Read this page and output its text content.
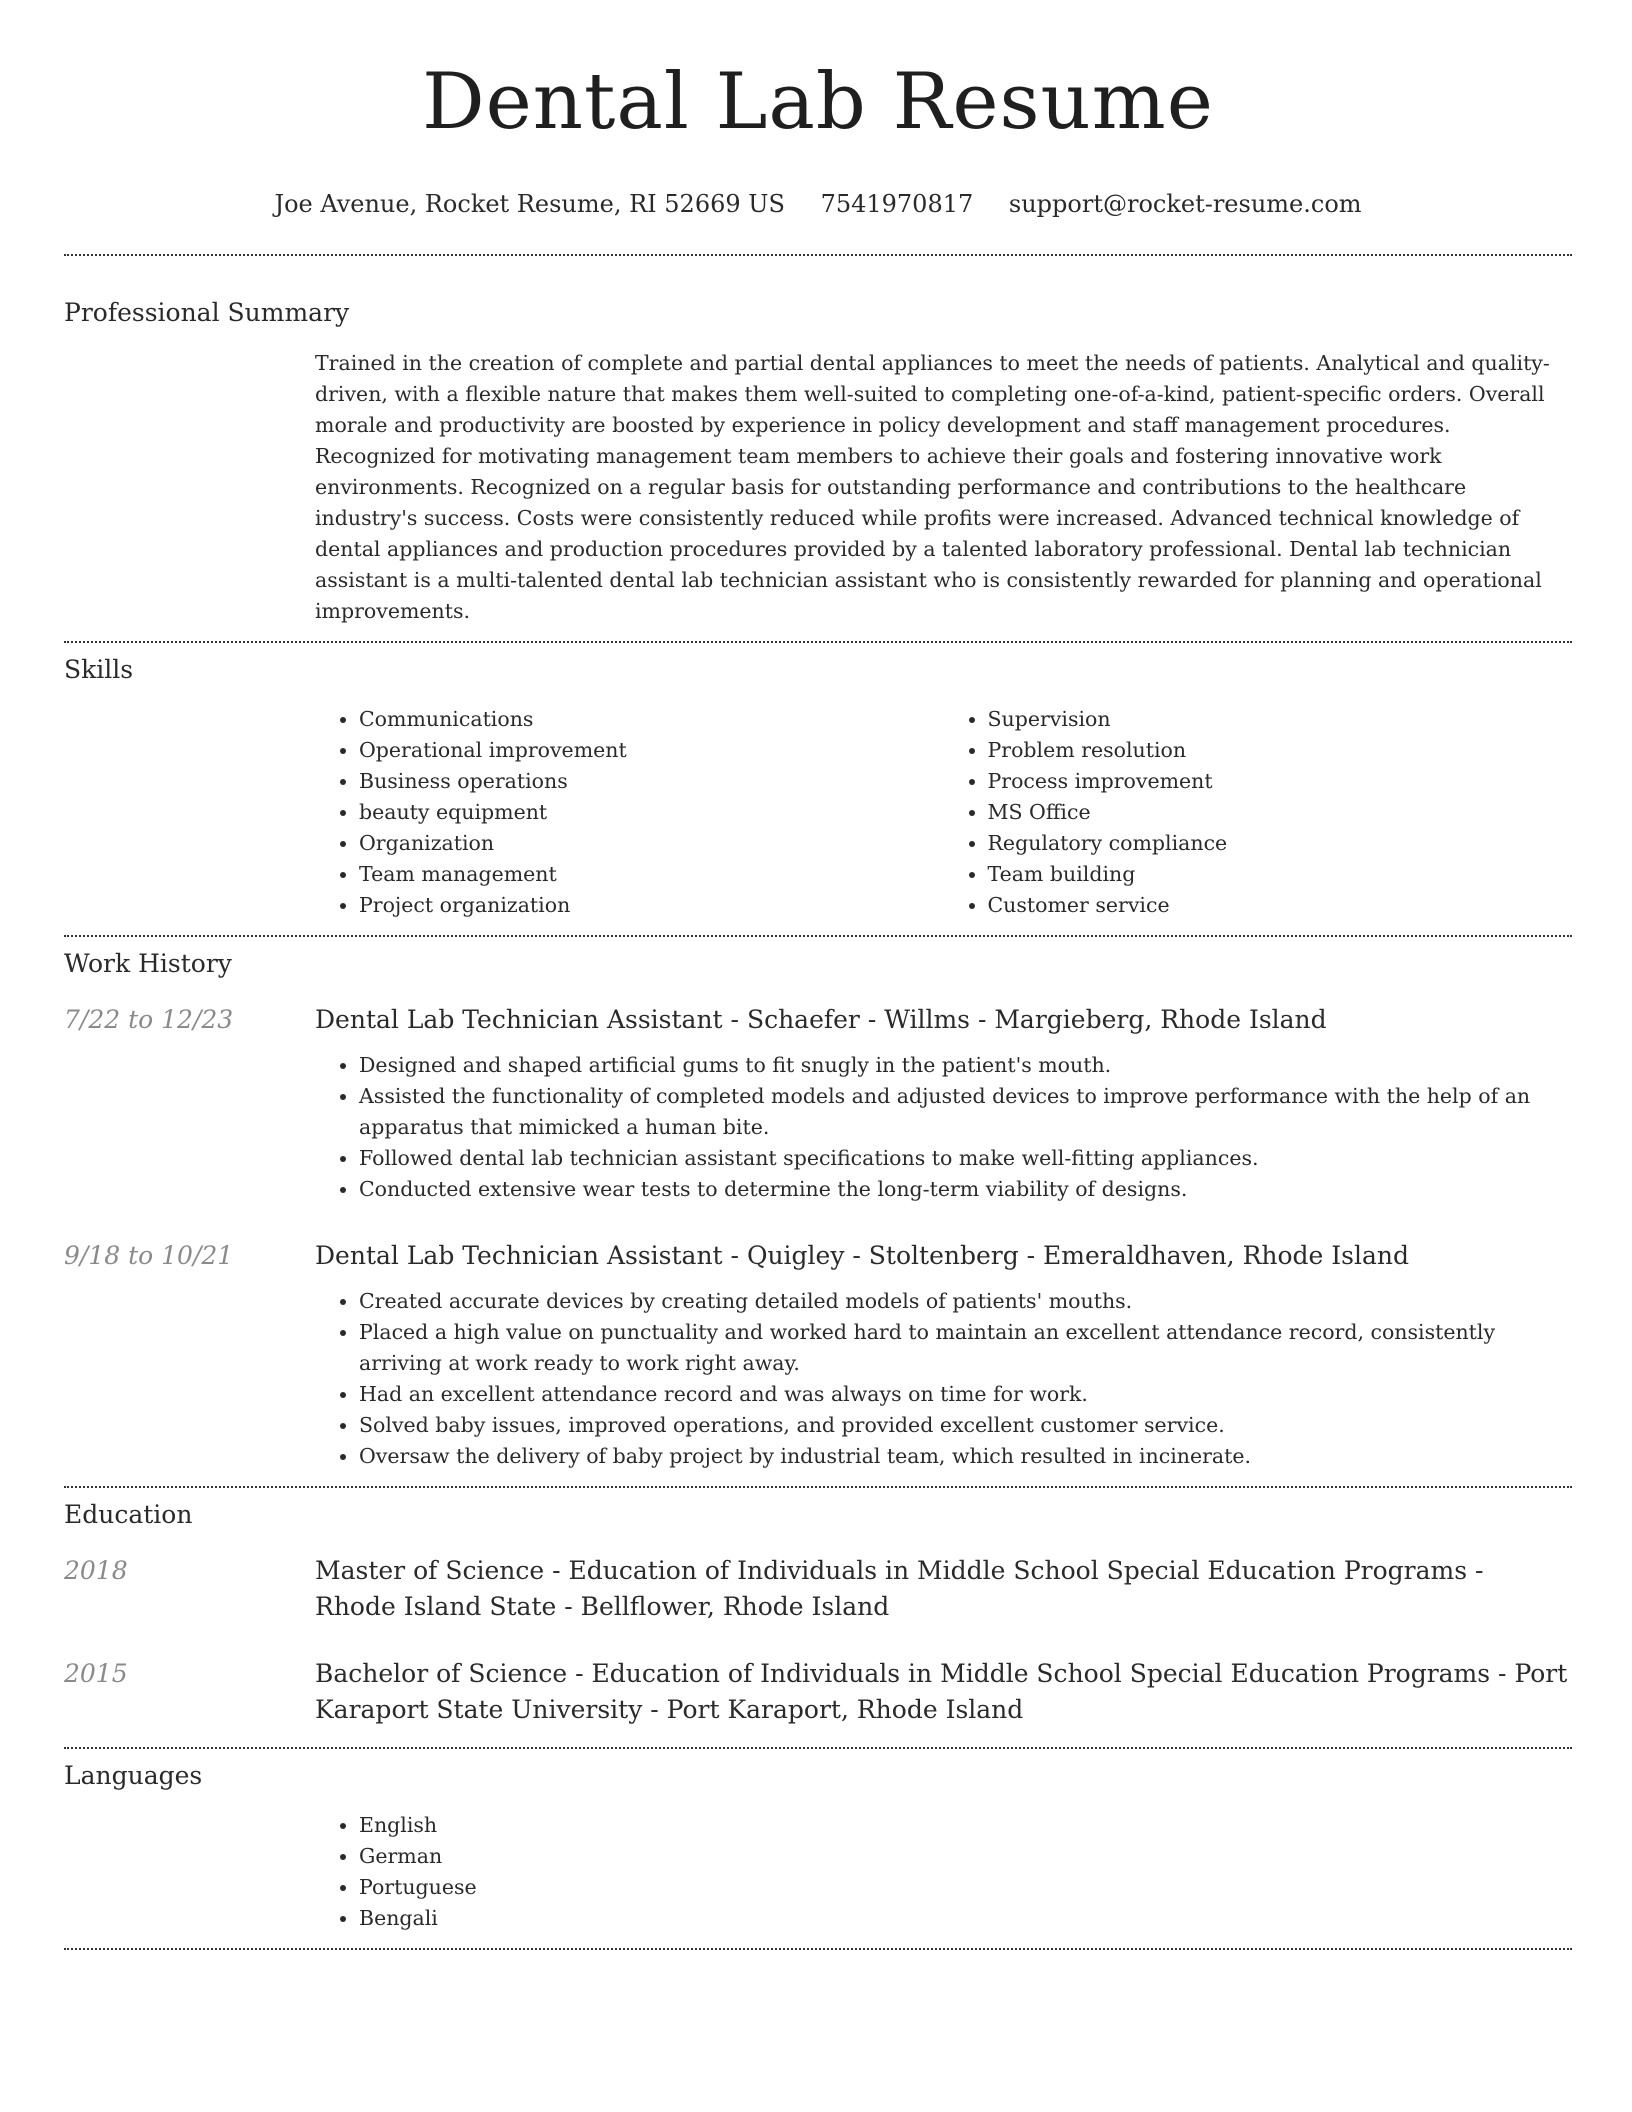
Dental Lab Resume
Joe Avenue, Rocket Resume, RI 52669 US 7541970817 support@rocket-resume.com
Professional Summary

Trained in the creation of complete and partial dental appliances to meet the needs of patients. Analytical and quality-driven, with a flexible nature that makes them well-suited to completing one-of-a-kind, patient-specific orders. Overall morale and productivity are boosted by experience in policy development and staff management procedures. Recognized for motivating management team members to achieve their goals and fostering innovative work environments. Recognized on a regular basis for outstanding performance and contributions to the healthcare industry's success. Costs were consistently reduced while profits were increased. Advanced technical knowledge of dental appliances and production procedures provided by a talented laboratory professional. Dental lab technician assistant is a multi-talented dental lab technician assistant who is consistently rewarded for planning and operational improvements.

Skills
• Communications
• Operational improvement
• Business operations
• beauty equipment
• Organization
• Team management
• Project organization
• Supervision
• Problem resolution
• Process improvement
• MS Office
• Regulatory compliance
• Team building
• Customer service
Work History
7/22 to 12/23	Dental Lab Technician Assistant - Schaefer - Willms - Margieberg, Rhode Island
• Designed and shaped artificial gums to fit snugly in the patient's mouth.
• Assisted the functionality of completed models and adjusted devices to improve performance with the help of an apparatus that mimicked a human bite.
• Followed dental lab technician assistant specifications to make well-fitting appliances.
• Conducted extensive wear tests to determine the long-term viability of designs.
9/18 to 10/21	Dental Lab Technician Assistant - Quigley - Stoltenberg - Emeraldhaven, Rhode Island
• Created accurate devices by creating detailed models of patients' mouths.
• Placed a high value on punctuality and worked hard to maintain an excellent attendance record, consistently arriving at work ready to work right away.
• Had an excellent attendance record and was always on time for work.
• Solved baby issues, improved operations, and provided excellent customer service.
• Oversaw the delivery of baby project by industrial team, which resulted in incinerate.
Education
2018	Master of Science - Education of Individuals in Middle School Special Education Programs - Rhode Island State - Bellflower, Rhode Island
2015	Bachelor of Science - Education of Individuals in Middle School Special Education Programs - Port Karaport State University - Port Karaport, Rhode Island
Languages
• English
• German
• Portuguese
• Bengali
